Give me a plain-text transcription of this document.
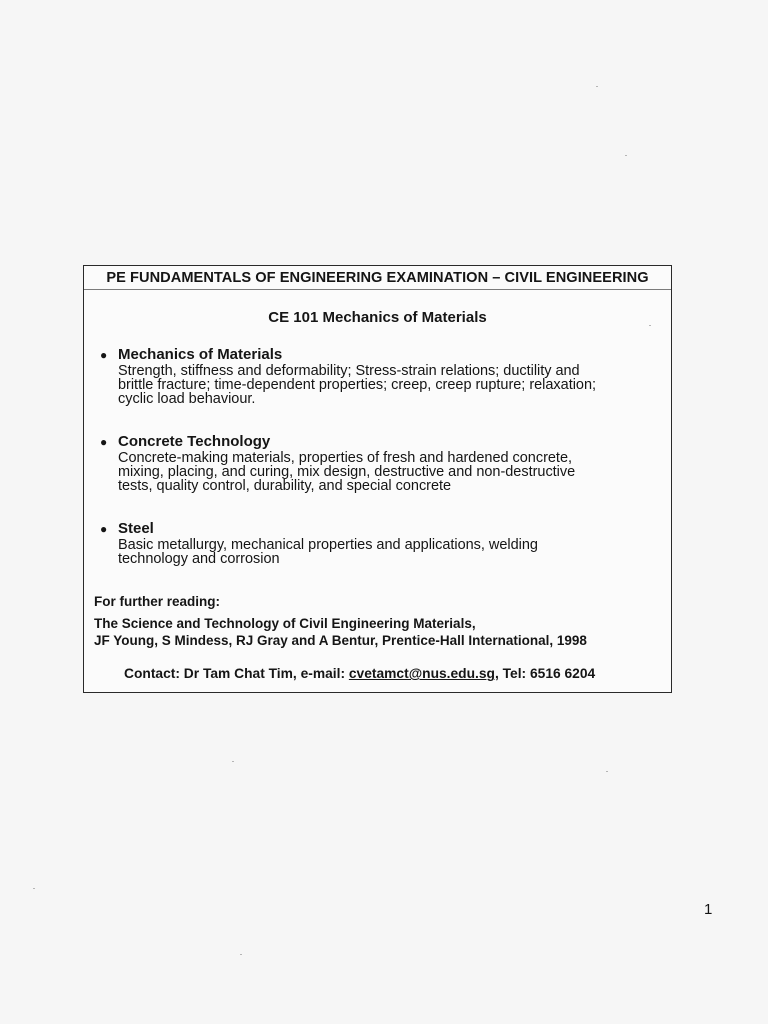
PE FUNDAMENTALS OF ENGINEERING EXAMINATION – CIVIL ENGINEERING
CE 101 Mechanics of Materials
● Mechanics of Materials
Strength, stiffness and deformability; Stress-strain relations; ductility and
brittle fracture; time-dependent properties; creep, creep rupture; relaxation;
cyclic load behaviour.
● Concrete Technology
Concrete-making materials, properties of fresh and hardened concrete,
mixing, placing, and curing, mix design, destructive and non-destructive
tests, quality control, durability, and special concrete
● Steel
Basic metallurgy, mechanical properties and applications, welding
technology and corrosion
For further reading:
The Science and Technology of Civil Engineering Materials,
JF Young, S Mindess, RJ Gray and A Bentur, Prentice-Hall International, 1998
Contact: Dr Tam Chat Tim, e-mail: cvetamct@nus.edu.sg, Tel: 6516 6204
1
